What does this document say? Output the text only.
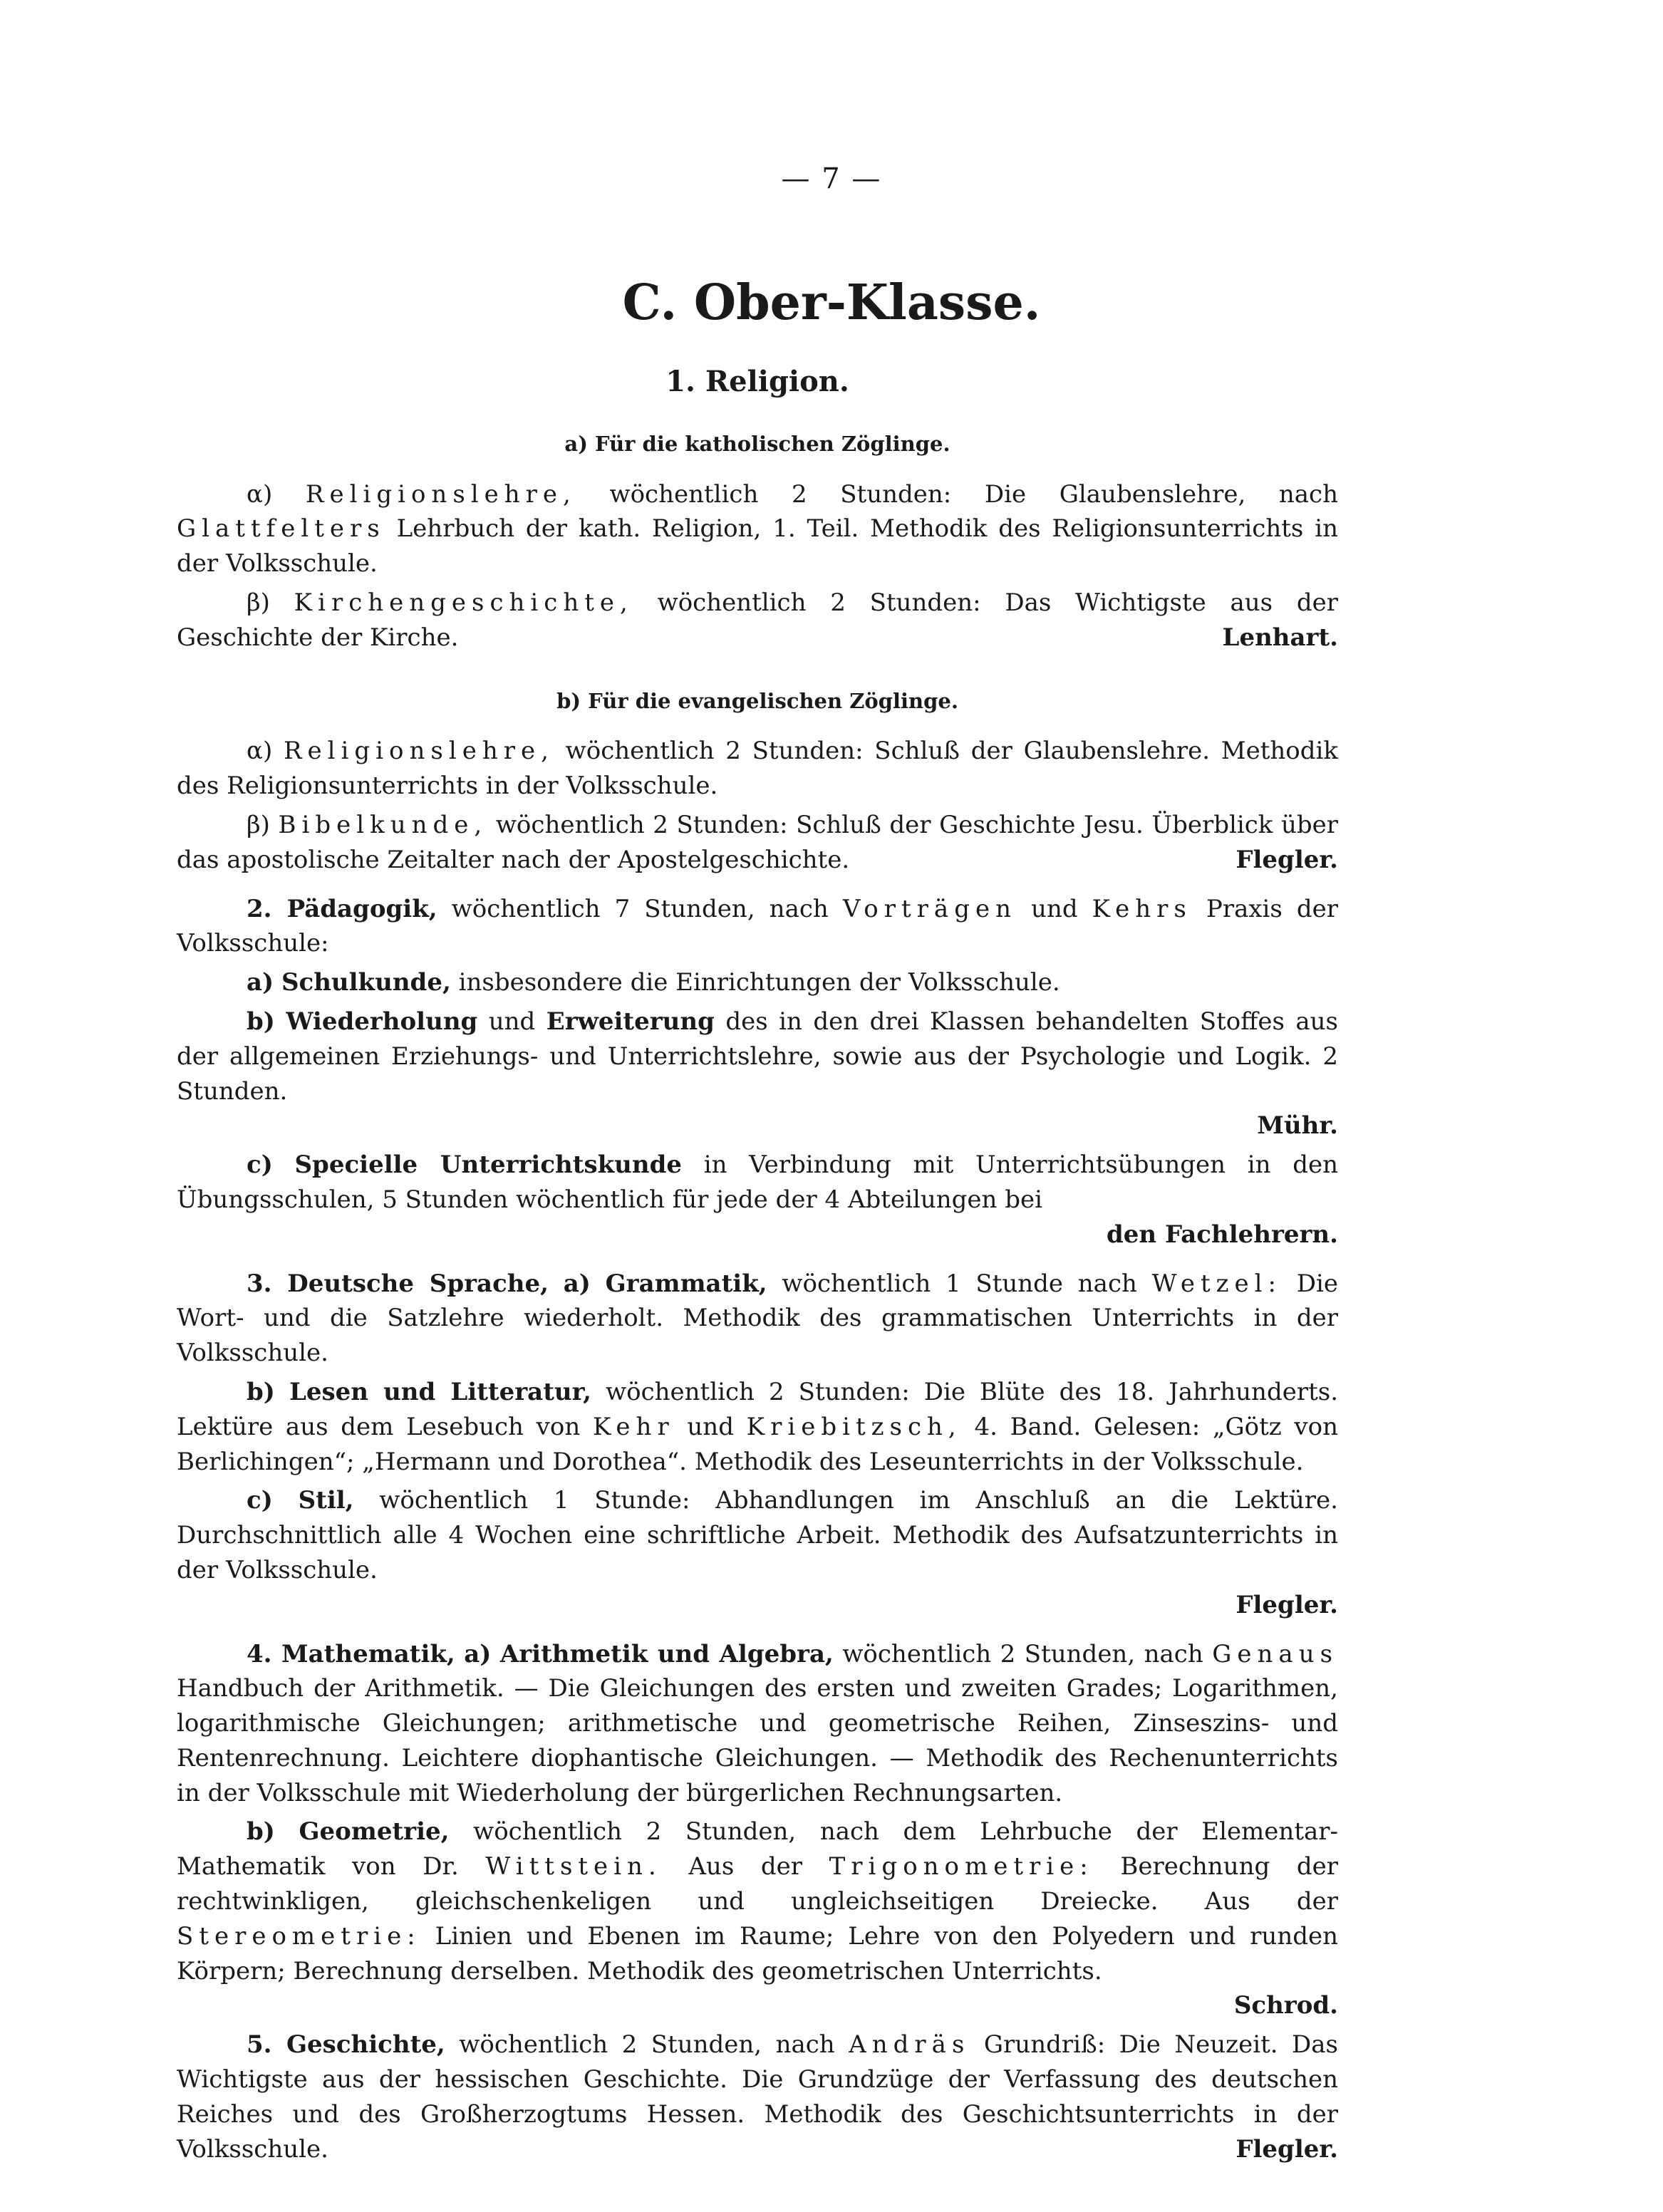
— 7 —
C. Ober-Klasse.
1. Religion.
a) Für die katholischen Zöglinge.

α) Religionslehre, wöchentlich 2 Stunden: Die Glaubenslehre, nach Glattfelters Lehrbuch der kath. Religion, 1. Teil. Methodik des Religionsunterrichts in der Volksschule.

β) Kirchengeschichte, wöchentlich 2 Stunden: Das Wichtigste aus der Geschichte der Kirche.	Lenhart.

b) Für die evangelischen Zöglinge.

α) Religionslehre, wöchentlich 2 Stunden: Schluß der Glaubenslehre. Methodik des Religionsunterrichts in der Volksschule.

β) Bibelkunde, wöchentlich 2 Stunden: Schluß der Geschichte Jesu. Überblick über das apostolische Zeitalter nach der Apostelgeschichte.	Flegler.

2. Pädagogik, wöchentlich 7 Stunden, nach Vorträgen und Kehrs Praxis der Volksschule:

a) Schulkunde, insbesondere die Einrichtungen der Volksschule.

b) Wiederholung und Erweiterung des in den drei Klassen behandelten Stoffes aus der allgemeinen Erziehungs- und Unterrichtslehre, sowie aus der Psychologie und Logik. 2 Stunden.

Mühr.

c) Specielle Unterrichtskunde in Verbindung mit Unterrichtsübungen in den Übungsschulen, 5 Stunden wöchentlich für jede der 4 Abteilungen bei
den Fachlehrern.

3. Deutsche Sprache, a) Grammatik, wöchentlich 1 Stunde nach Wetzel: Die Wort- und die Satzlehre wiederholt. Methodik des grammatischen Unterrichts in der Volksschule.

b) Lesen und Litteratur, wöchentlich 2 Stunden: Die Blüte des 18. Jahrhunderts. Lektüre aus dem Lesebuch von Kehr und Kriebitzsch, 4. Band. Gelesen: „Götz von Berlichingen“; „Hermann und Dorothea“. Methodik des Leseunterrichts in der Volksschule.

c) Stil, wöchentlich 1 Stunde: Abhandlungen im Anschluß an die Lektüre. Durchschnittlich alle 4 Wochen eine schriftliche Arbeit. Methodik des Aufsatzunterrichts in der Volksschule.

Flegler.

4. Mathematik, a) Arithmetik und Algebra, wöchentlich 2 Stunden, nach Genaus Handbuch der Arithmetik. — Die Gleichungen des ersten und zweiten Grades; Logarithmen, logarithmische Gleichungen; arithmetische und geometrische Reihen, Zinseszins- und Rentenrechnung. Leichtere diophantische Gleichungen. — Methodik des Rechenunterrichts in der Volksschule mit Wiederholung der bürgerlichen Rechnungsarten.

b) Geometrie, wöchentlich 2 Stunden, nach dem Lehrbuche der Elementar-Mathematik von Dr. Wittstein. Aus der Trigonometrie: Berechnung der rechtwinkligen, gleichschenkeligen und ungleichseitigen Dreiecke. Aus der Stereometrie: Linien und Ebenen im Raume; Lehre von den Polyedern und runden Körpern; Berechnung derselben. Methodik des geometrischen Unterrichts.

Schrod.

5. Geschichte, wöchentlich 2 Stunden, nach Andräs Grundriß: Die Neuzeit. Das Wichtigste aus der hessischen Geschichte. Die Grundzüge der Verfassung des deutschen Reiches und des Großherzogtums Hessen. Methodik des Geschichtsunterrichts in der Volksschule.	Flegler.
